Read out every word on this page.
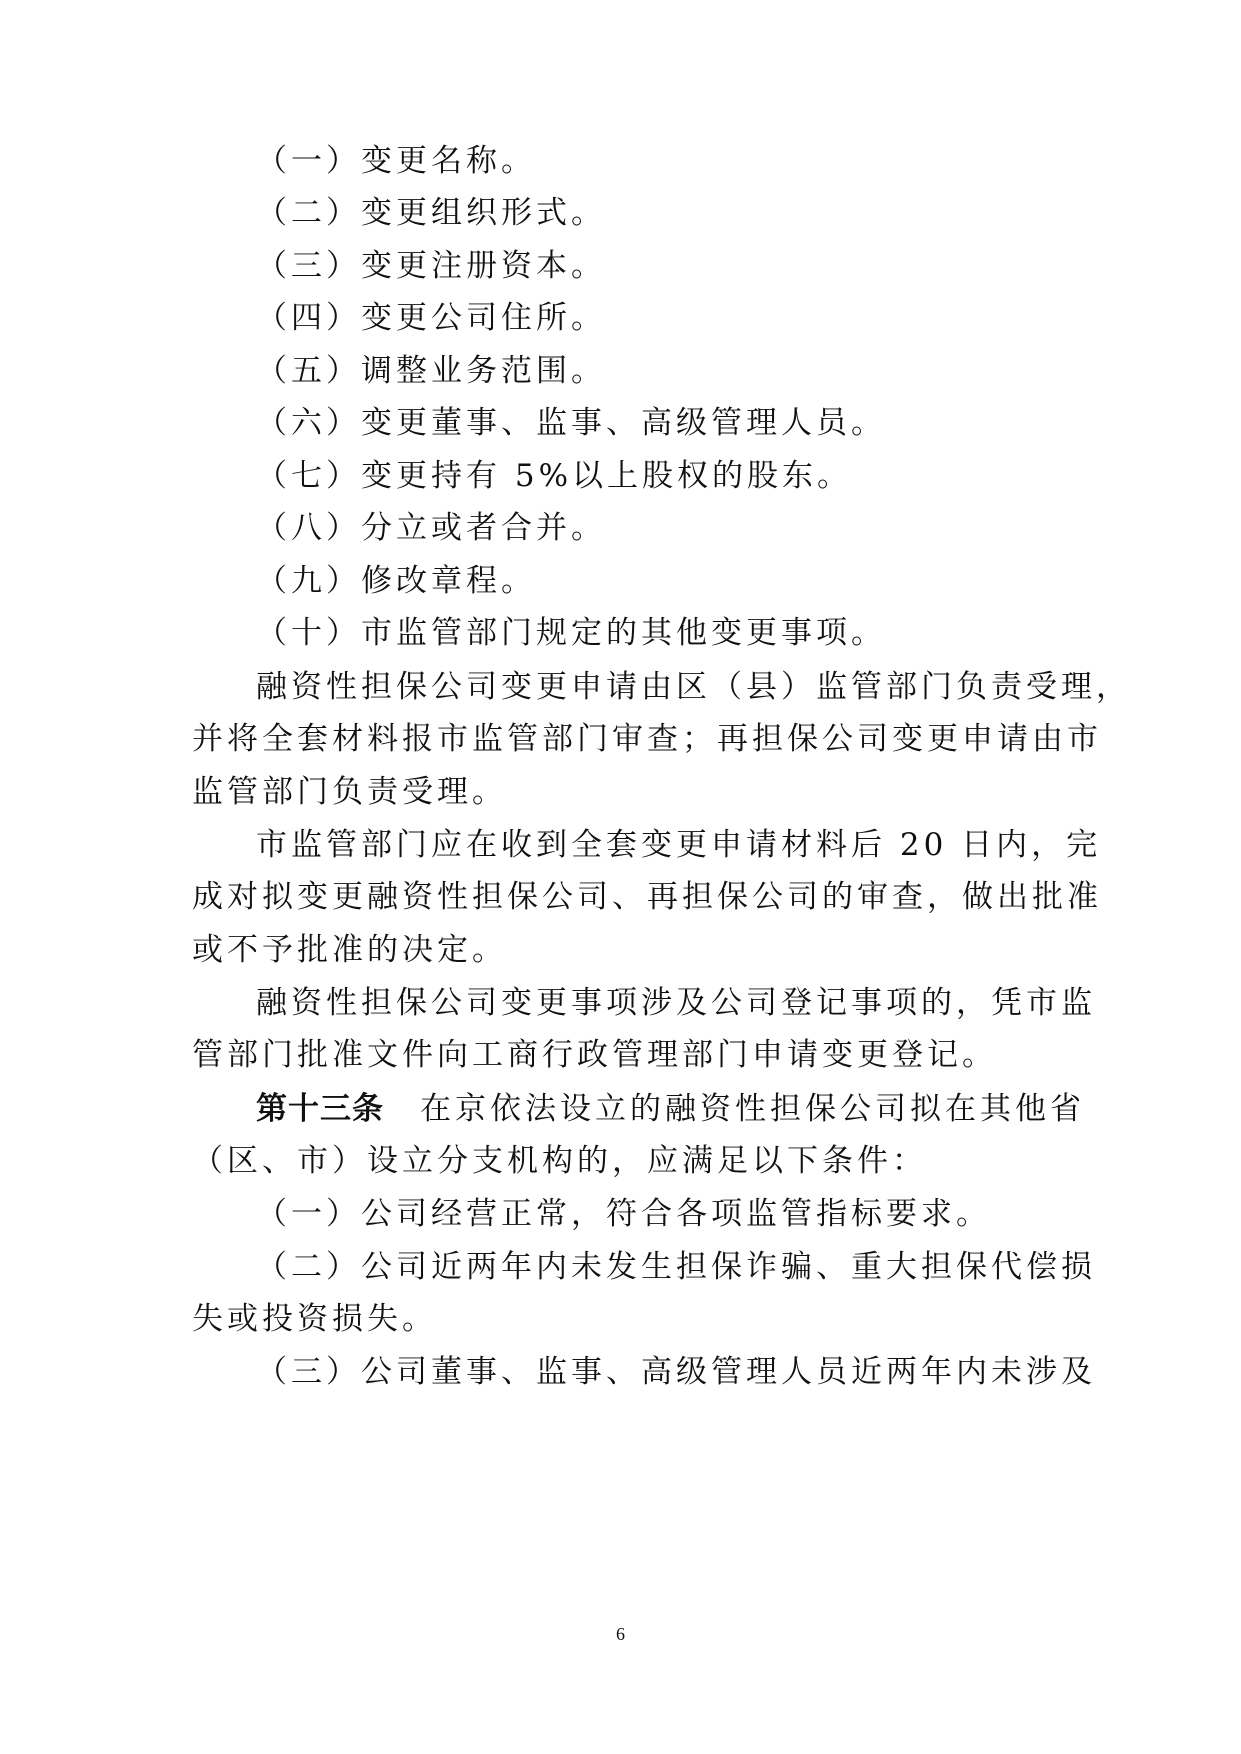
（一）变更名称。
（二）变更组织形式。
（三）变更注册资本。
（四）变更公司住所。
（五）调整业务范围。
（六）变更董事、监事、高级管理人员。
（七）变更持有 5%以上股权的股东。
（八）分立或者合并。
（九）修改章程。
（十）市监管部门规定的其他变更事项。
融资性担保公司变更申请由区（县）监管部门负责受理，
并将全套材料报市监管部门审查；再担保公司变更申请由市
监管部门负责受理。
市监管部门应在收到全套变更申请材料后 20 日内，完
成对拟变更融资性担保公司、再担保公司的审查，做出批准
或不予批准的决定。
融资性担保公司变更事项涉及公司登记事项的，凭市监
管部门批准文件向工商行政管理部门申请变更登记。
第十三条 在京依法设立的融资性担保公司拟在其他省
（区、市）设立分支机构的，应满足以下条件：
（一）公司经营正常，符合各项监管指标要求。
（二）公司近两年内未发生担保诈骗、重大担保代偿损
失或投资损失。
（三）公司董事、监事、高级管理人员近两年内未涉及
6
